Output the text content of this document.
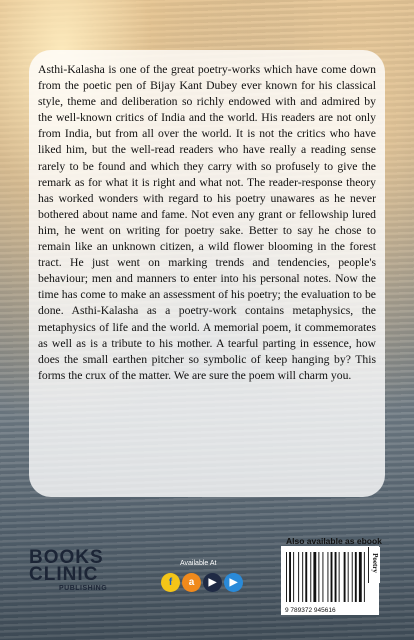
Asthi-Kalasha is one of the great poetry-works which have come down from the poetic pen of Bijay Kant Dubey ever known for his classical style, theme and deliberation so richly endowed with and admired by the well-known critics of India and the world. His readers are not only from India, but from all over the world. It is not the critics who have liked him, but the well-read readers who have really a reading sense rarely to be found and which they carry with so profusely to give the remark as for what it is right and what not. The reader-response theory has worked wonders with regard to his poetry unawares as he never bothered about name and fame. Not even any grant or fellowship lured him, he went on writing for poetry sake. Better to say he chose to remain like an unknown citizen, a wild flower blooming in the forest tract. He just went on marking trends and tendencies, people's behaviour; men and manners to enter into his personal notes. Now the time has come to make an assessment of his poetry; the evaluation to be done. Asthi-Kalasha as a poetry-work contains metaphysics, the metaphysics of life and the world. A memorial poem, it commemorates as well as is a tribute to his mother. A tearful parting in essence, how does the small earthen pitcher so symbolic of keep hanging by? This forms the crux of the matter. We are sure the poem will charm you.

BOOKS
CLINIC
PUBLISHING
Available At
f	a	▶	▶
Also available as ebook
9 789372 945616
Poetry
